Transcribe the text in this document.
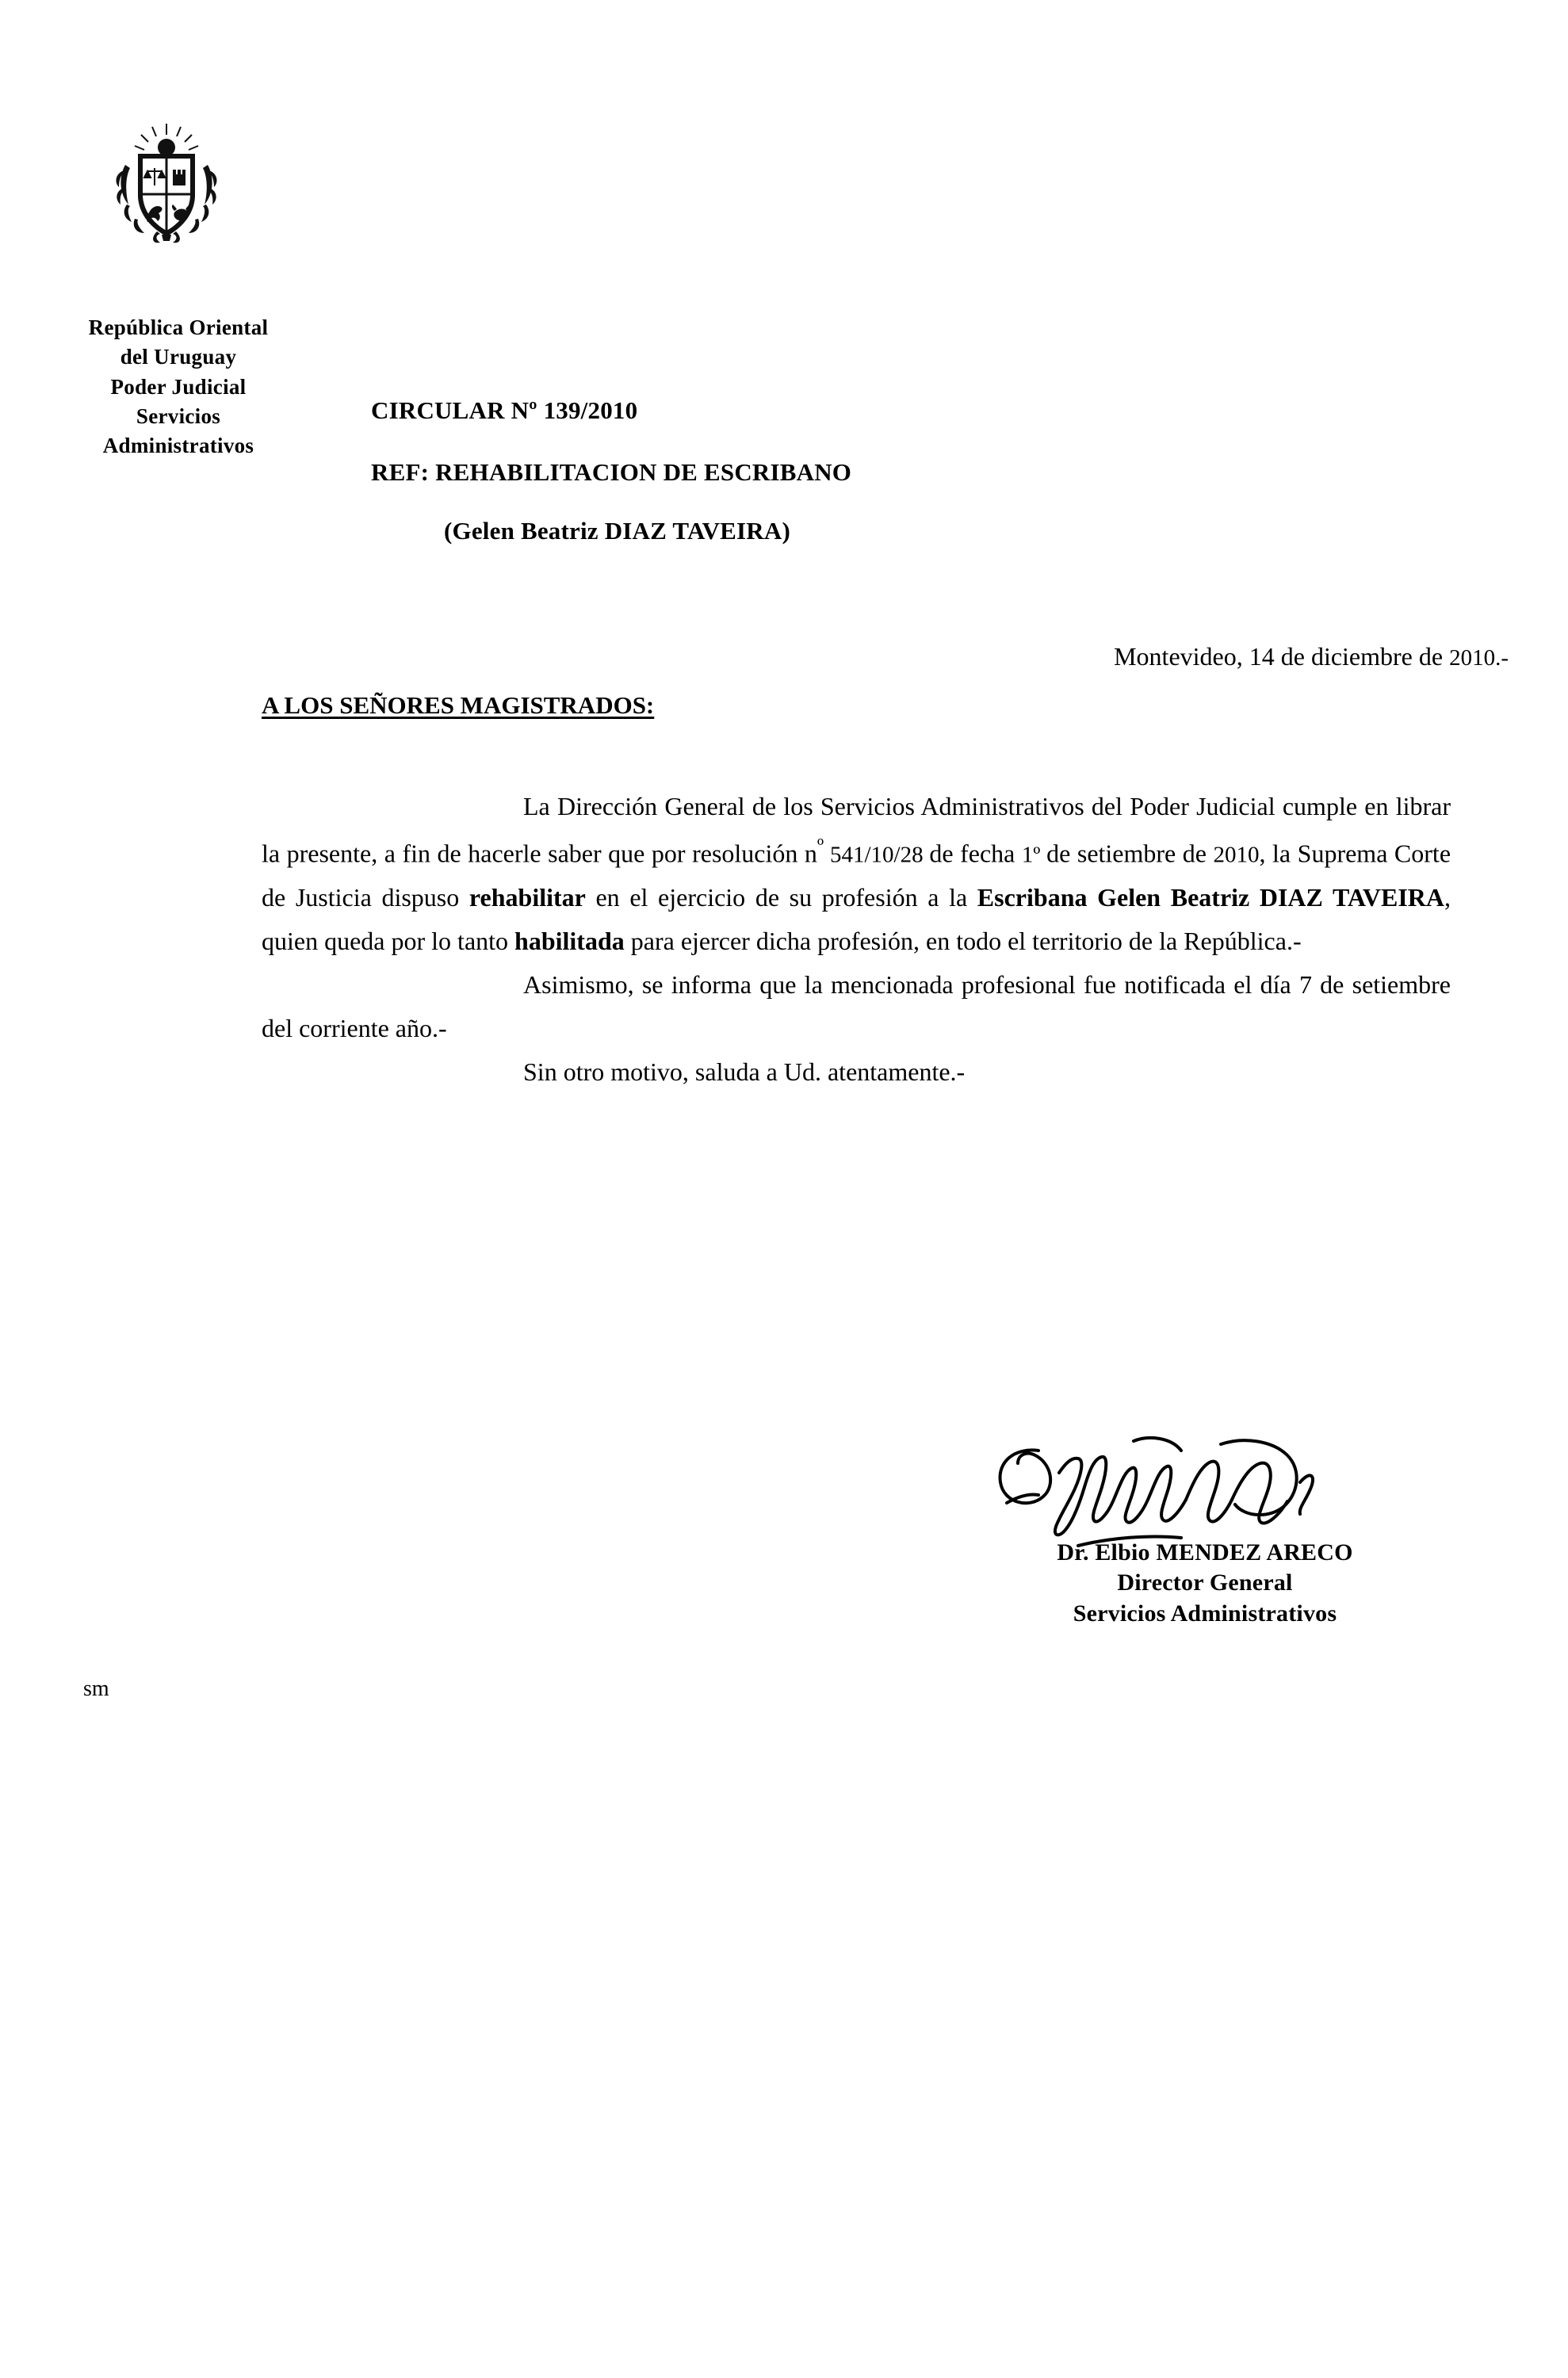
República Oriental
del Uruguay
Poder Judicial
Servicios
Administrativos
CIRCULAR Nº 139/2010
REF: REHABILITACION DE ESCRIBANO
(Gelen Beatriz DIAZ TAVEIRA)
Montevideo, 14 de diciembre de 2010.-
A LOS SEÑORES MAGISTRADOS:

La Dirección General de los Servicios Administrativos del Poder Judicial cumple en librar la presente, a fin de hacerle saber que por resolución $n^º$ 541/10/28 de fecha 1º de setiembre de 2010, la Suprema Corte de Justicia dispuso rehabilitar en el ejercicio de su profesión a la Escribana Gelen Beatriz DIAZ TAVEIRA, quien queda por lo tanto habilitada para ejercer dicha profesión, en todo el territorio de la República.-

Asimismo, se informa que la mencionada profesional fue notificada el día 7 de setiembre del corriente año.-

Sin otro motivo, saluda a Ud. atentamente.-

Dr. Elbio MENDEZ ARECO
Director General
Servicios Administrativos
sm
